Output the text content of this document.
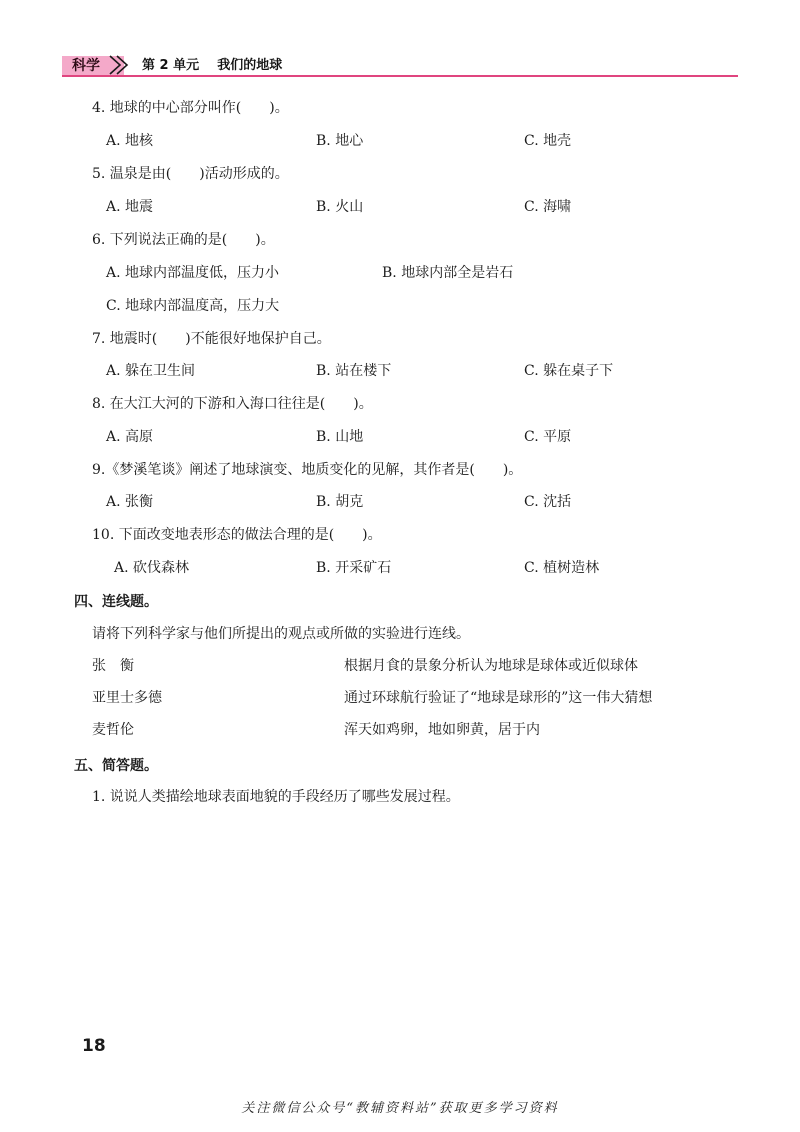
科学	第 2 单元    我们的地球
4. 地球的中心部分叫作(　　)。
A. 地核	B. 地心	C. 地壳
5. 温泉是由(　　)活动形成的。
A. 地震	B. 火山	C. 海啸
6. 下列说法正确的是(　　)。
A. 地球内部温度低，压力小	B. 地球内部全是岩石
C. 地球内部温度高，压力大
7. 地震时(　　)不能很好地保护自己。
A. 躲在卫生间	B. 站在楼下	C. 躲在桌子下
8. 在大江大河的下游和入海口往往是(　　)。
A. 高原	B. 山地	C. 平原
9.《梦溪笔谈》阐述了地球演变、地质变化的见解，其作者是(　　)。
A. 张衡	B. 胡克	C. 沈括
10. 下面改变地表形态的做法合理的是(　　)。
A. 砍伐森林	B. 开采矿石	C. 植树造林
四、连线题。
请将下列科学家与他们所提出的观点或所做的实验进行连线。
张　衡
亚里士多德
麦哲伦
根据月食的景象分析认为地球是球体或近似球体
通过环球航行验证了“地球是球形的”这一伟大猜想
浑天如鸡卵，地如卵黄，居于内
五、简答题。
1. 说说人类描绘地球表面地貌的手段经历了哪些发展过程。
18
关注微信公众号“教辅资料站”获取更多学习资料
